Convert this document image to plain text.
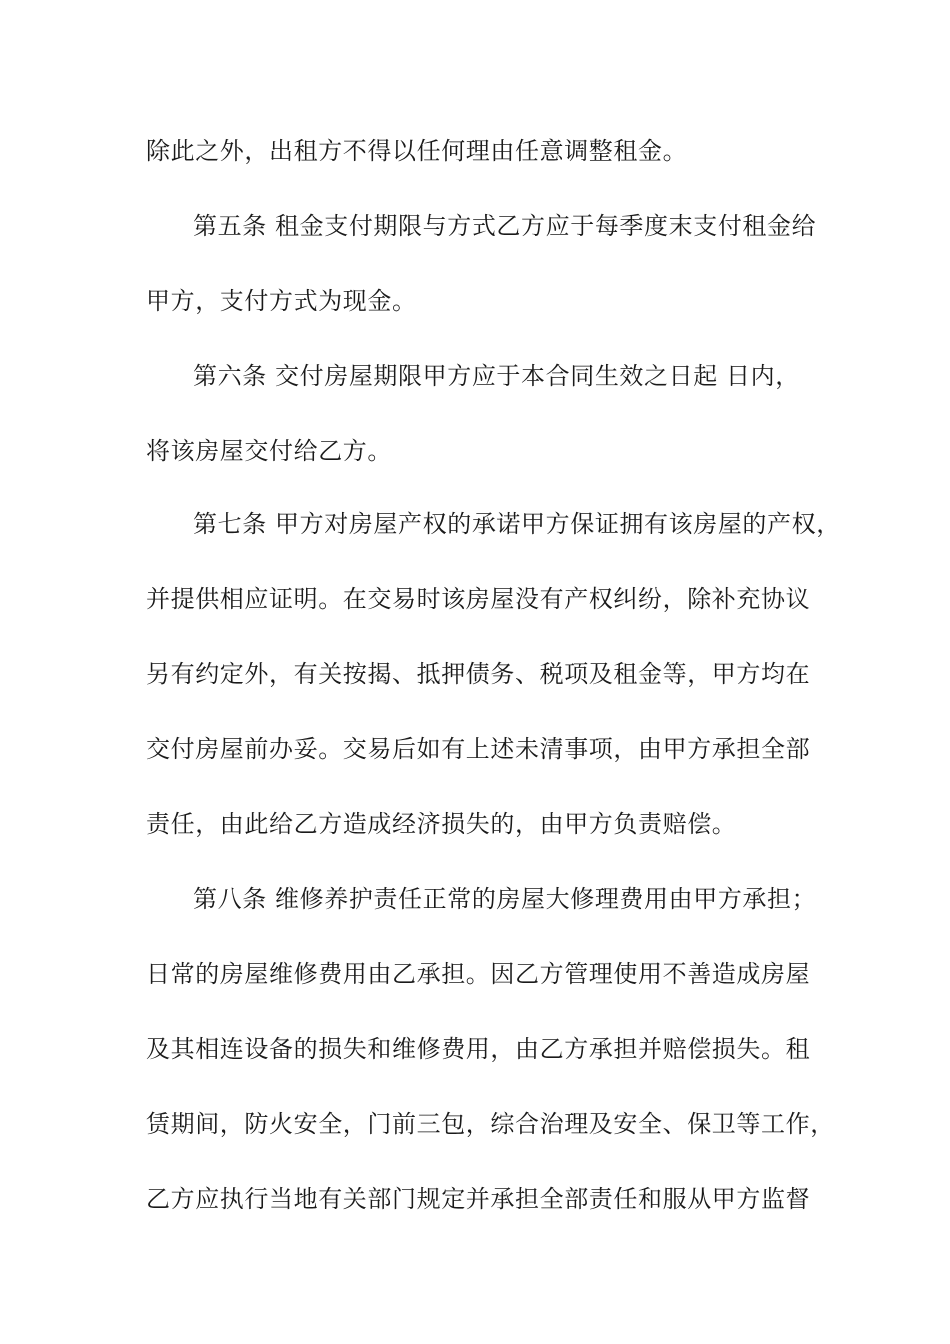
除此之外，出租方不得以任何理由任意调整租金。
第五条 租金支付期限与方式乙方应于每季度末支付租金给
甲方，支付方式为现金。
第六条 交付房屋期限甲方应于本合同生效之日起 日内，
将该房屋交付给乙方。
第七条 甲方对房屋产权的承诺甲方保证拥有该房屋的产权，
并提供相应证明。在交易时该房屋没有产权纠纷，除补充协议
另有约定外，有关按揭、抵押债务、税项及租金等，甲方均在
交付房屋前办妥。交易后如有上述未清事项，由甲方承担全部
责任，由此给乙方造成经济损失的，由甲方负责赔偿。
第八条 维修养护责任正常的房屋大修理费用由甲方承担；
日常的房屋维修费用由乙承担。因乙方管理使用不善造成房屋
及其相连设备的损失和维修费用，由乙方承担并赔偿损失。租
赁期间，防火安全，门前三包，综合治理及安全、保卫等工作，
乙方应执行当地有关部门规定并承担全部责任和服从甲方监督
